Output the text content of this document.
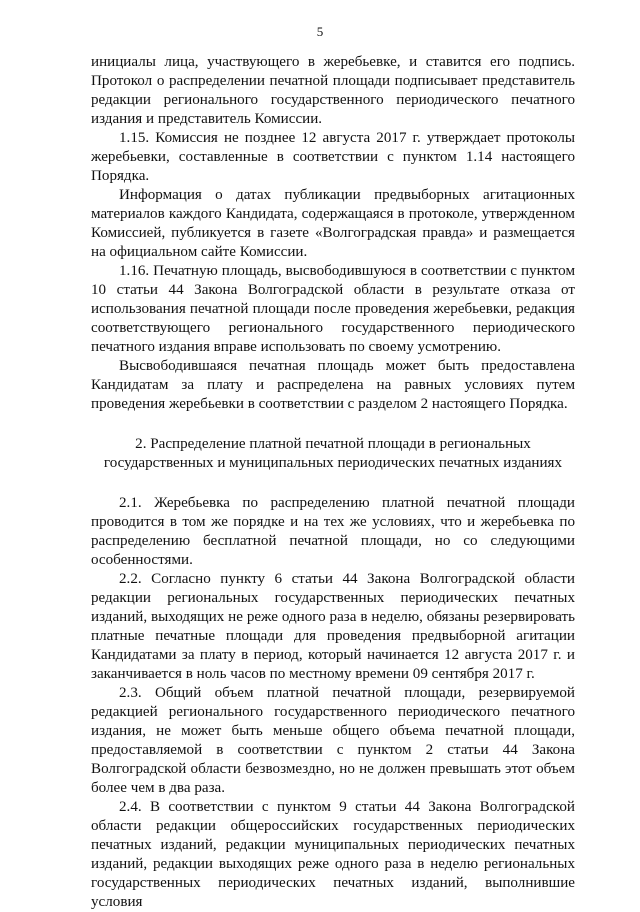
5

инициалы лица, участвующего в жеребьевке, и ставится его подпись. Протокол о распределении печатной площади подписывает представитель редакции регионального государственного периодического печатного издания и представитель Комиссии.

1.15. Комиссия не позднее 12 августа 2017 г. утверждает протоколы жеребьевки, составленные в соответствии с пунктом 1.14 настоящего Порядка.

Информация о датах публикации предвыборных агитационных материалов каждого Кандидата, содержащаяся в протоколе, утвержденном Комиссией, публикуется в газете «Волгоградская правда» и размещается на официальном сайте Комиссии.

1.16. Печатную площадь, высвободившуюся в соответствии с пунктом 10 статьи 44 Закона Волгоградской области в результате отказа от использования печатной площади после проведения жеребьевки, редакция соответствующего регионального государственного периодического печатного издания вправе использовать по своему усмотрению.

Высвободившаяся печатная площадь может быть предоставлена Кандидатам за плату и распределена на равных условиях путем проведения жеребьевки в соответствии с разделом 2 настоящего Порядка.

2. Распределение платной печатной площади в региональных
государственных и муниципальных периодических печатных изданиях

2.1. Жеребьевка по распределению платной печатной площади проводится в том же порядке и на тех же условиях, что и жеребьевка по распределению бесплатной печатной площади, но со следующими особенностями.

2.2. Согласно пункту 6 статьи 44 Закона Волгоградской области редакции региональных государственных периодических печатных изданий, выходящих не реже одного раза в неделю, обязаны резервировать платные печатные площади для проведения предвыборной агитации Кандидатами за плату в период, который начинается 12 августа 2017 г. и заканчивается в ноль часов по местному времени 09 сентября 2017 г.

2.3. Общий объем платной печатной площади, резервируемой редакцией регионального государственного периодического печатного издания, не может быть меньше общего объема печатной площади, предоставляемой в соответствии с пунктом 2 статьи 44 Закона Волгоградской области безвозмездно, но не должен превышать этот объем более чем в два раза.

2.4. В соответствии с пунктом 9 статьи 44 Закона Волгоградской области редакции общероссийских государственных периодических печатных изданий, редакции муниципальных периодических печатных изданий, редакции выходящих реже одного раза в неделю региональных государственных периодических печатных изданий, выполнившие условия
